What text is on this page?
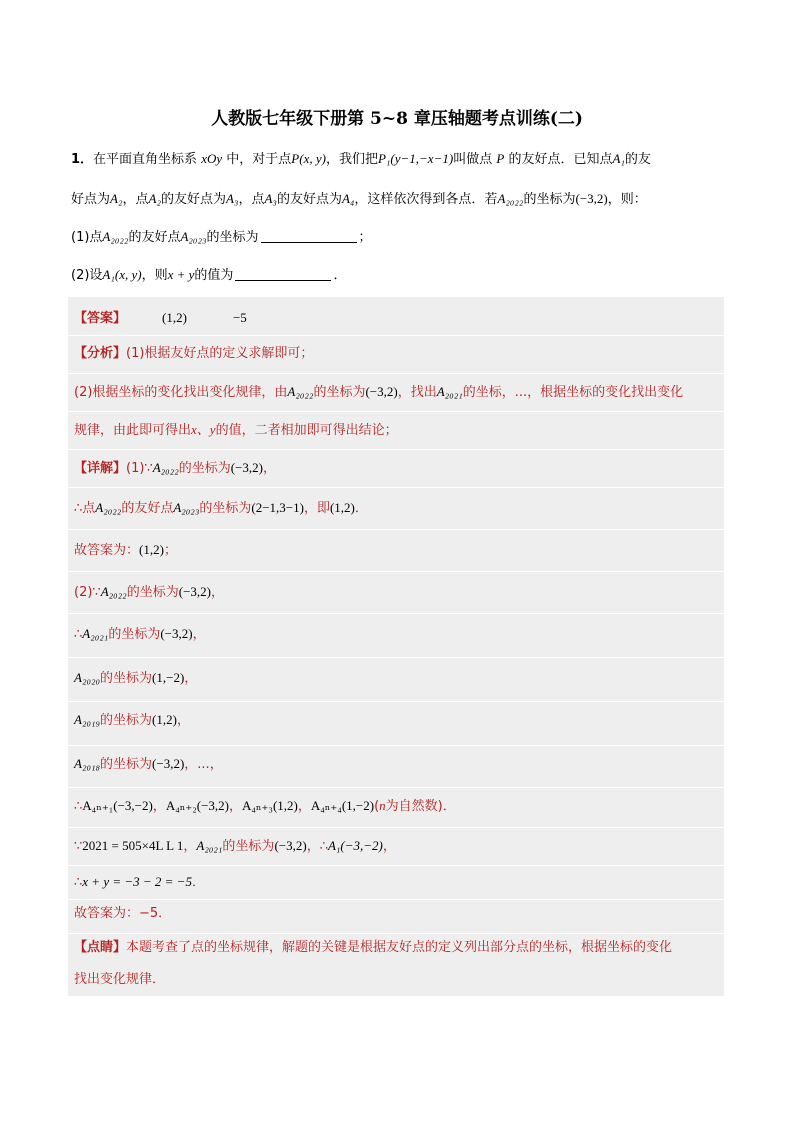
人教版七年级下册第 5~8 章压轴题考点训练(二)
1．在平面直角坐标系 xOy 中，对于点P(x, y)，我们把P₁(y−1,−x−1)叫做点 P 的友好点．已知点A₁的友
好点为A₂，点A₂的友好点为A₃，点A₃的友好点为A₄，这样依次得到各点．若A₂₀₂₂的坐标为(−3,2)，则：
(1)点A₂₀₂₂的友好点A₂₀₂₃的坐标为	；
(2)设A₁(x, y)，则x + y的值为	．
【答案】	(1,2)	−5
【分析】(1)根据友好点的定义求解即可；
(2)根据坐标的变化找出变化规律，由A₂₀₂₂的坐标为(−3,2)，找出A₂₀₂₁的坐标，...，根据坐标的变化找出变化
规律，由此即可得出x、y的值，二者相加即可得出结论；
【详解】(1)∵A₂₀₂₂的坐标为(−3,2)，
∴点A₂₀₂₂的友好点A₂₀₂₃的坐标为(2−1,3−1)，即(1,2)．
故答案为：(1,2)；
(2)∵A₂₀₂₂的坐标为(−3,2)，
∴A₂₀₂₁的坐标为(−3,2)，
A₂₀₂₀的坐标为(1,−2)，
A₂₀₁₉的坐标为(1,2)，
A₂₀₁₈的坐标为(−3,2)，...，
∴A₄ₙ₊₁(−3,−2)，A₄ₙ₊₂(−3,2)，A₄ₙ₊₃(1,2)，A₄ₙ₊₄(1,−2)(n为自然数)．
∵2021 = 505×4L L 1，A₂₀₂₁的坐标为(−3,2)，∴A₁(−3,−2)，
∴x + y = −3 − 2 = −5．
故答案为：−5．
【点睛】本题考查了点的坐标规律，解题的关键是根据友好点的定义列出部分点的坐标，根据坐标的变化
找出变化规律．
